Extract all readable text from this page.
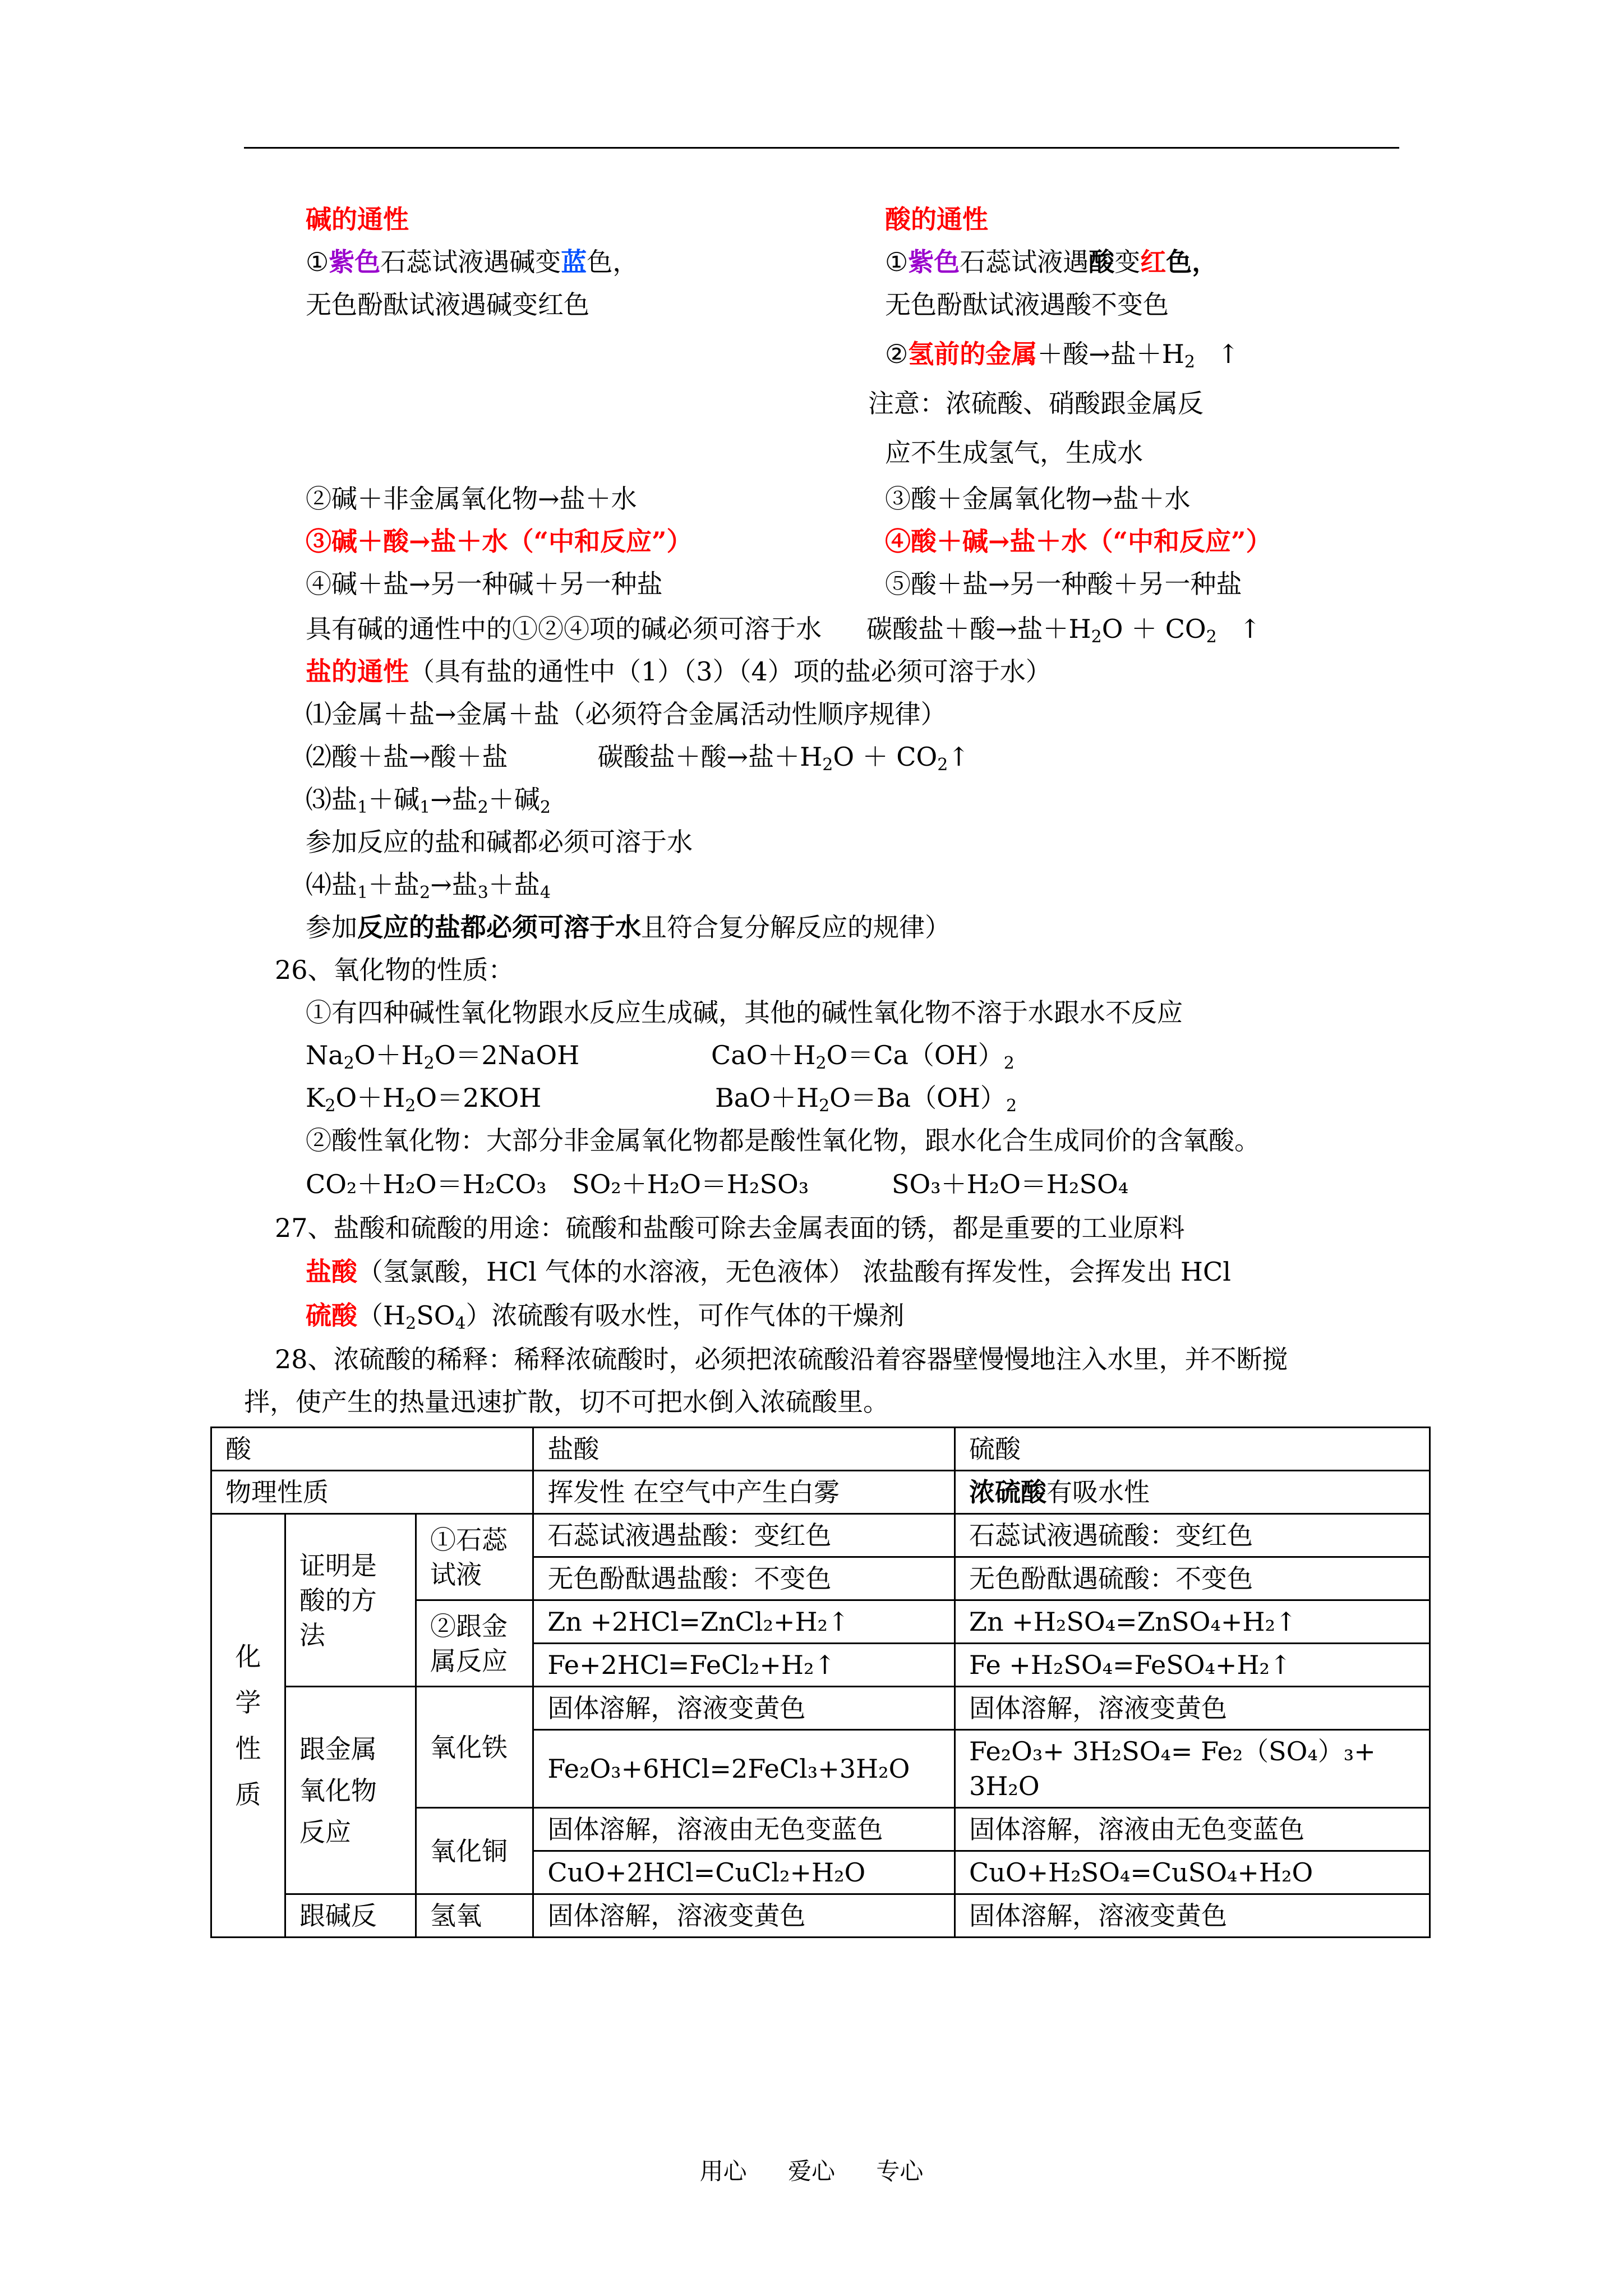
碱的通性
①紫色石蕊试液遇碱变蓝色，
无色酚酞试液遇碱变红色
②碱＋非金属氧化物→盐＋水
③碱＋酸→盐＋水（“中和反应”）
④碱＋盐→另一种碱＋另一种盐
酸的通性
①紫色石蕊试液遇酸变红色，
无色酚酞试液遇酸不变色
②氢前的金属＋酸→盐$+H_2$ ↑
注意：浓硫酸、硝酸跟金属反
应不生成氢气，生成水
③酸＋金属氧化物→盐＋水
④酸＋碱→盐＋水（“中和反应”）
⑤酸＋盐→另一种酸＋另一种盐
具有碱的通性中的①②④项的碱必须可溶于水 碳酸盐＋酸→盐$+H_2O + CO_2$ ↑
盐的通性（具有盐的通性中（1）（3）（4）项的盐必须可溶于水）
⑴金属＋盐→金属＋盐（必须符合金属活动性顺序规律）
⑵酸＋盐→酸＋盐	碳酸盐＋酸→盐$+H_2O$ ＋ $CO_2↑$
⑶盐$_1$＋碱$_1$→盐$_2$＋碱$_2$
参加反应的盐和碱都必须可溶于水
⑷盐$_1$＋盐$_2$→盐$_3$＋盐$_4$
参加反应的盐都必须可溶于水且符合复分解反应的规律）
26、氧化物的性质：
①有四种碱性氧化物跟水反应生成碱，其他的碱性氧化物不溶于水跟水不反应
$Na_2O+H_2O=2NaOH$	$CaO+H_2O=Ca(OH)_2$
$K_2O+H_2O=2KOH$	$BaO+H_2O=Ba(OH)_2$
②酸性氧化物：大部分非金属氧化物都是酸性氧化物，跟水化合生成同价的含氧酸。
CO₂＋H₂O＝H₂CO₃ SO₂＋H₂O＝H₂SO₃	SO₃＋H₂O＝H₂SO₄
27、盐酸和硫酸的用途：硫酸和盐酸可除去金属表面的锈，都是重要的工业原料
盐酸（氢氯酸，HCl 气体的水溶液，无色液体） 浓盐酸有挥发性，会挥发出 HCl
硫酸$(H_2SO_4)$浓硫酸有吸水性，可作气体的干燥剂
28、浓硫酸的稀释：稀释浓硫酸时，必须把浓硫酸沿着容器壁慢慢地注入水里，并不断搅
拌，使产生的热量迅速扩散，切不可把水倒入浓硫酸里。
酸			盐酸	硫酸
物理性质			挥发性 在空气中产生白雾	浓硫酸有吸水性
化学性质	证明是酸的方法	①石蕊试液	石蕊试液遇盐酸：变红色	石蕊试液遇硫酸：变红色
			无色酚酞遇盐酸：不变色	无色酚酞遇硫酸：不变色
		②跟金属反应	Zn +2HCl=ZnCl₂+H₂↑	Zn +H₂SO₄=ZnSO₄+H₂↑
			Fe+2HCl=FeCl₂+H₂↑	Fe +H₂SO₄=FeSO₄+H₂↑
	跟金属氧化物反应	氧化铁	固体溶解，溶液变黄色	固体溶解，溶液变黄色
			Fe₂O₃+6HCl=2FeCl₃+3H₂O	Fe₂O₃+ 3H₂SO₄= Fe₂（SO₄）₃+
3H₂O

		氧化铜	固体溶解，溶液由无色变蓝色	固体溶解，溶液由无色变蓝色
			CuO+2HCl=CuCl₂+H₂O	CuO+H₂SO₄=CuSO₄+H₂O
	跟碱反	氢氧	固体溶解，溶液变黄色	固体溶解，溶液变黄色
用心 爱心 专心
